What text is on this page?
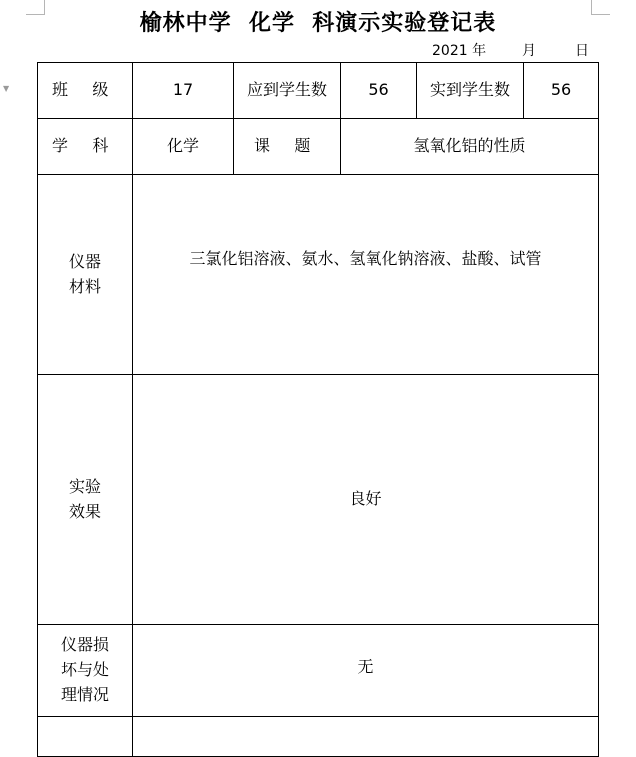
▼
榆林中学  化学  科演示实验登记表
2021 年	月	日
班 级	17	应到学生数	56	实到学生数	56
学 科	化学	课 题	氢氧化铝的性质		

仪器
材料	三氯化铝溶液、氨水、氢氧化钠溶液、盐酸、试管				

实验
效果	良好				

仪器损
坏与处
理情况	无				
